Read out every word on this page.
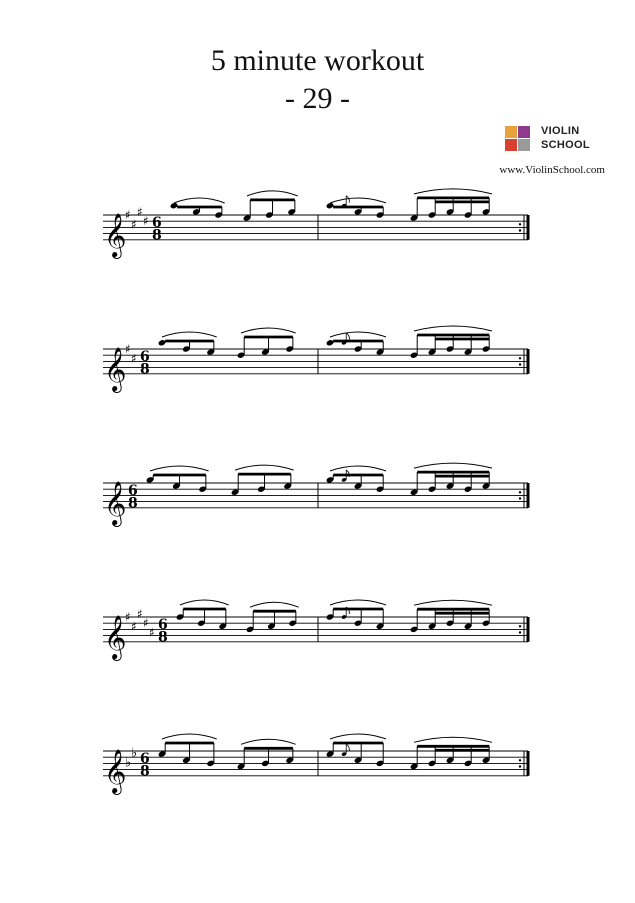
5 minute workout
- 29 -
VIOLIN
SCHOOL
www.ViolinSchool.com
𝄞
♯
♯
♯
♯ 6
8
𝄞
♯
♯ 6
8
𝄞 6
8
𝄞
♯
♯
♯
♯
♯ 6
8
𝄞
♭
♭ 6
8
